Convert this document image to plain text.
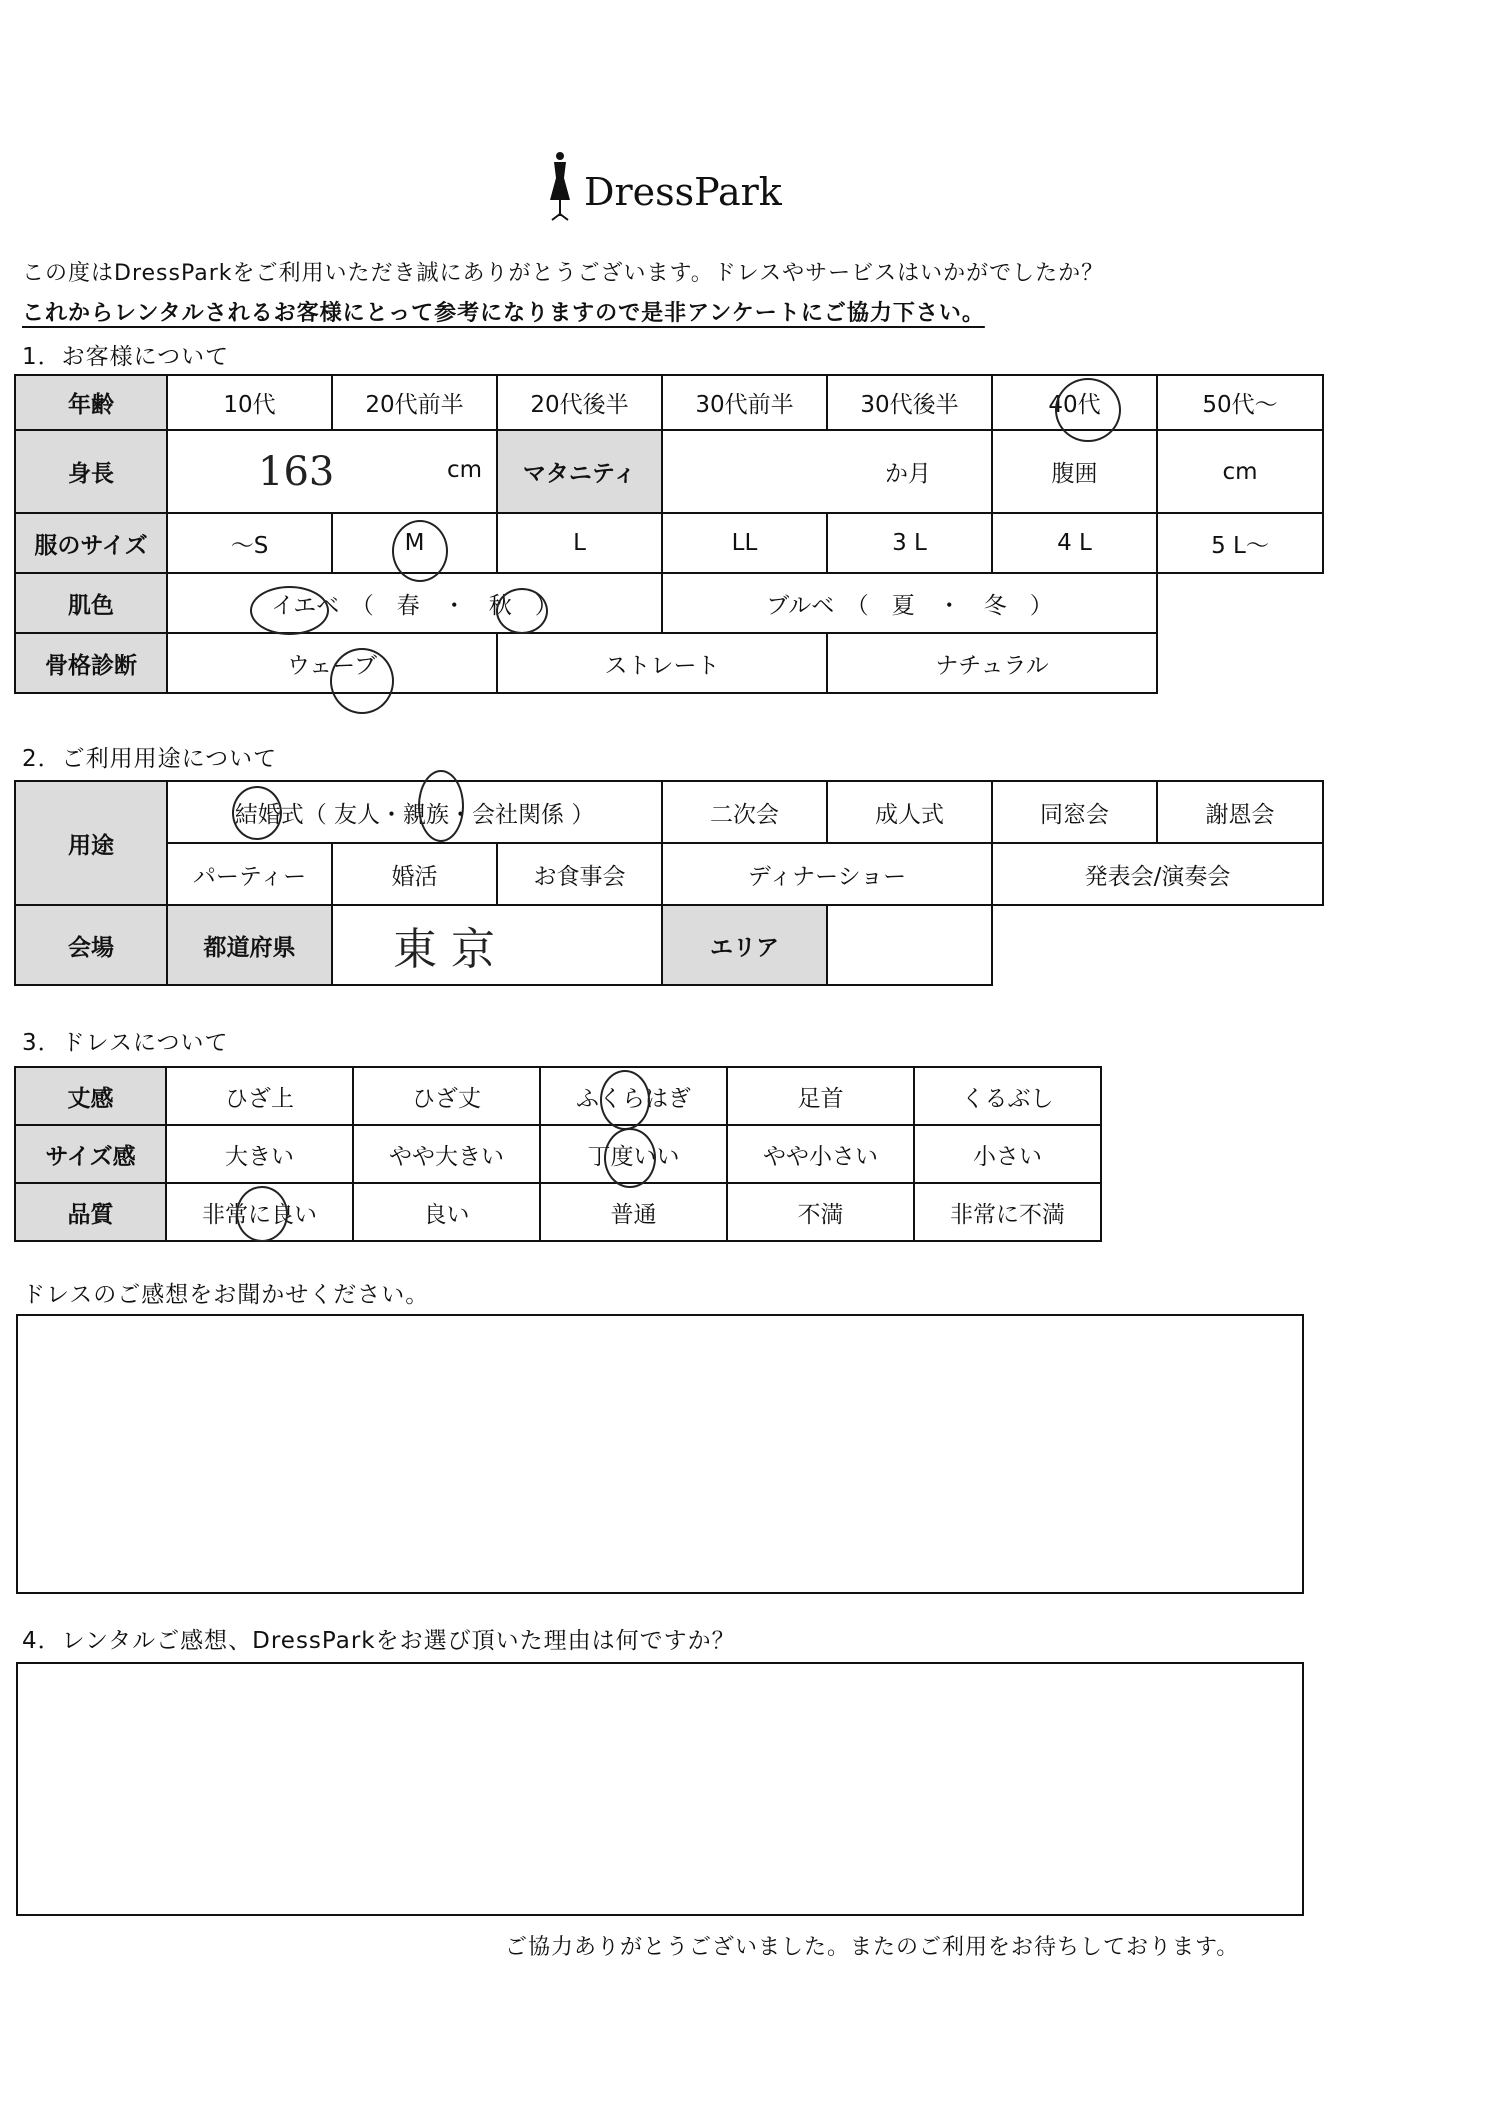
DressPark
この度はDressParkをご利用いただき誠にありがとうございます。ドレスやサービスはいかがでしたか？
これからレンタルされるお客様にとって参考になりますので是非アンケートにご協力下さい。
1．お客様について
年齢	10代	20代前半	20代後半	30代前半	30代後半	40代	50代～
身長	163 cm		マタニティ	か月		腹囲	cm
服のサイズ	～S	M	L	LL	3 L	4 L	5 L～
肌色	イエベ　（　春　・　秋　）			ブルベ　（　夏　・　冬　）			
骨格診断	ウェーブ		ストレート		ナチュラル		
2．ご利用用途について
用途	結婚式（ 友人・親族・会社関係 ）			二次会	成人式	同窓会	謝恩会
	パーティー	婚活	お食事会	ディナーショー		発表会/演奏会	
会場	都道府県	東京		エリア			
3．ドレスについて
丈感	ひざ上	ひざ丈	ふくらはぎ	足首	くるぶし
サイズ感	大きい	やや大きい	丁度いい	やや小さい	小さい
品質	非常に良い	良い	普通	不満	非常に不満
ドレスのご感想をお聞かせください。
4．レンタルご感想、DressParkをお選び頂いた理由は何ですか？
ご協力ありがとうございました。またのご利用をお待ちしております。
